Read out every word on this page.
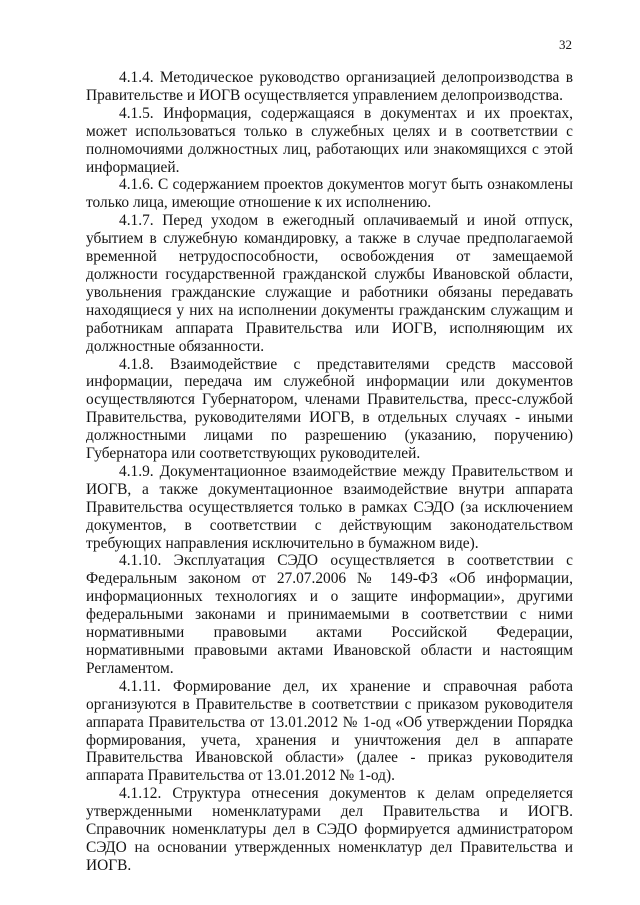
32

4.1.4. Методическое руководство организацией делопроизводства в Правительстве и ИОГВ осуществляется управлением делопроизводства.

4.1.5. Информация, содержащаяся в документах и их проектах, может использоваться только в служебных целях и в соответствии с полномочиями должностных лиц, работающих или знакомящихся с этой информацией.

4.1.6. С содержанием проектов документов могут быть ознакомлены только лица, имеющие отношение к их исполнению.

4.1.7. Перед уходом в ежегодный оплачиваемый и иной отпуск, убытием в служебную командировку, а также в случае предполагаемой временной нетрудоспособности, освобождения от замещаемой должности государственной гражданской службы Ивановской области, увольнения гражданские служащие и работники обязаны передавать находящиеся у них на исполнении документы гражданским служащим и работникам аппарата Правительства или ИОГВ, исполняющим их должностные обязанности.

4.1.8. Взаимодействие с представителями средств массовой информации, передача им служебной информации или документов осуществляются Губернатором, членами Правительства, пресс-службой Правительства, руководителями ИОГВ, в отдельных случаях - иными должностными лицами по разрешению (указанию, поручению) Губернатора или соответствующих руководителей.

4.1.9. Документационное взаимодействие между Правительством и ИОГВ, а также документационное взаимодействие внутри аппарата Правительства осуществляется только в рамках СЭДО (за исключением документов, в соответствии с действующим законодательством требующих направления исключительно в бумажном виде).

4.1.10. Эксплуатация СЭДО осуществляется в соответствии с Федеральным законом от 27.07.2006 № 149-ФЗ «Об информации, информационных технологиях и о защите информации», другими федеральными законами и принимаемыми в соответствии с ними нормативными правовыми актами Российской Федерации, нормативными правовыми актами Ивановской области и настоящим Регламентом.

4.1.11. Формирование дел, их хранение и справочная работа организуются в Правительстве в соответствии с приказом руководителя аппарата Правительства от 13.01.2012 № 1-од «Об утверждении Порядка формирования, учета, хранения и уничтожения дел в аппарате Правительства Ивановской области» (далее - приказ руководителя аппарата Правительства от 13.01.2012 № 1-од).

4.1.12. Структура отнесения документов к делам определяется утвержденными номенклатурами дел Правительства и ИОГВ. Справочник номенклатуры дел в СЭДО формируется администратором СЭДО на основании утвержденных номенклатур дел Правительства и ИОГВ.
